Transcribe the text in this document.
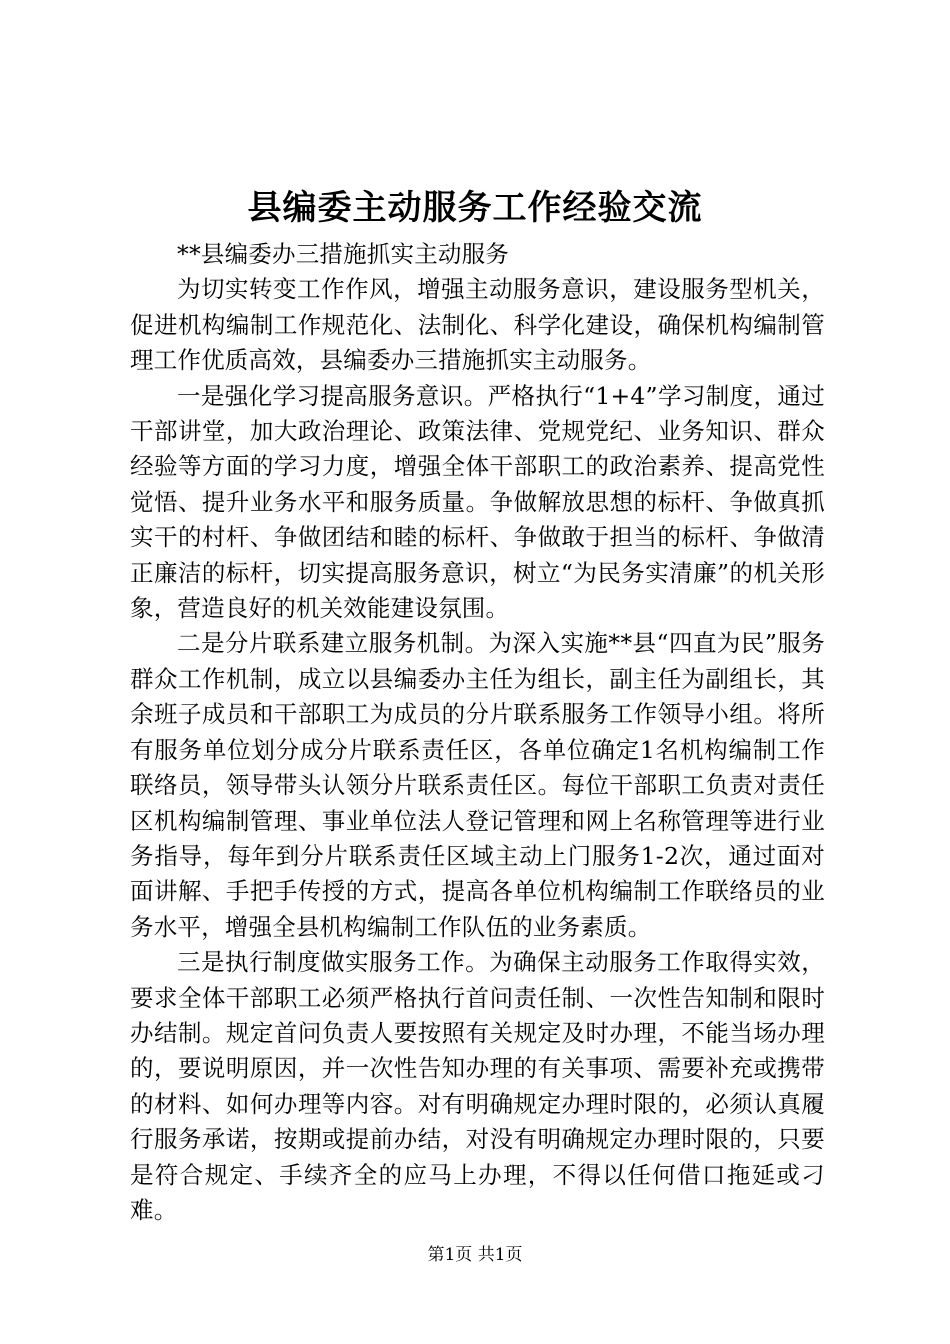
县编委主动服务工作经验交流

**县编委办三措施抓实主动服务

为切实转变工作作风，增强主动服务意识，建设服务型机关，促进机构编制工作规范化、法制化、科学化建设，确保机构编制管理工作优质高效，县编委办三措施抓实主动服务。

一是强化学习提高服务意识。严格执行“1+4”学习制度，通过干部讲堂，加大政治理论、政策法律、党规党纪、业务知识、群众经验等方面的学习力度，增强全体干部职工的政治素养、提高党性觉悟、提升业务水平和服务质量。争做解放思想的标杆、争做真抓实干的村杆、争做团结和睦的标杆、争做敢于担当的标杆、争做清正廉洁的标杆，切实提高服务意识，树立“为民务实清廉”的机关形象，营造良好的机关效能建设氛围。

二是分片联系建立服务机制。为深入实施**县“四直为民”服务群众工作机制，成立以县编委办主任为组长，副主任为副组长，其余班子成员和干部职工为成员的分片联系服务工作领导小组。将所有服务单位划分成分片联系责任区，各单位确定1名机构编制工作联络员，领导带头认领分片联系责任区。每位干部职工负责对责任区机构编制管理、事业单位法人登记管理和网上名称管理等进行业务指导，每年到分片联系责任区域主动上门服务1-2次，通过面对面讲解、手把手传授的方式，提高各单位机构编制工作联络员的业务水平，增强全县机构编制工作队伍的业务素质。

三是执行制度做实服务工作。为确保主动服务工作取得实效，要求全体干部职工必须严格执行首问责任制、一次性告知制和限时办结制。规定首问负责人要按照有关规定及时办理，不能当场办理的，要说明原因，并一次性告知办理的有关事项、需要补充或携带的材料、如何办理等内容。对有明确规定办理时限的，必须认真履行服务承诺，按期或提前办结，对没有明确规定办理时限的，只要是符合规定、手续齐全的应马上办理，不得以任何借口拖延或刁难。

第1页 共1页
